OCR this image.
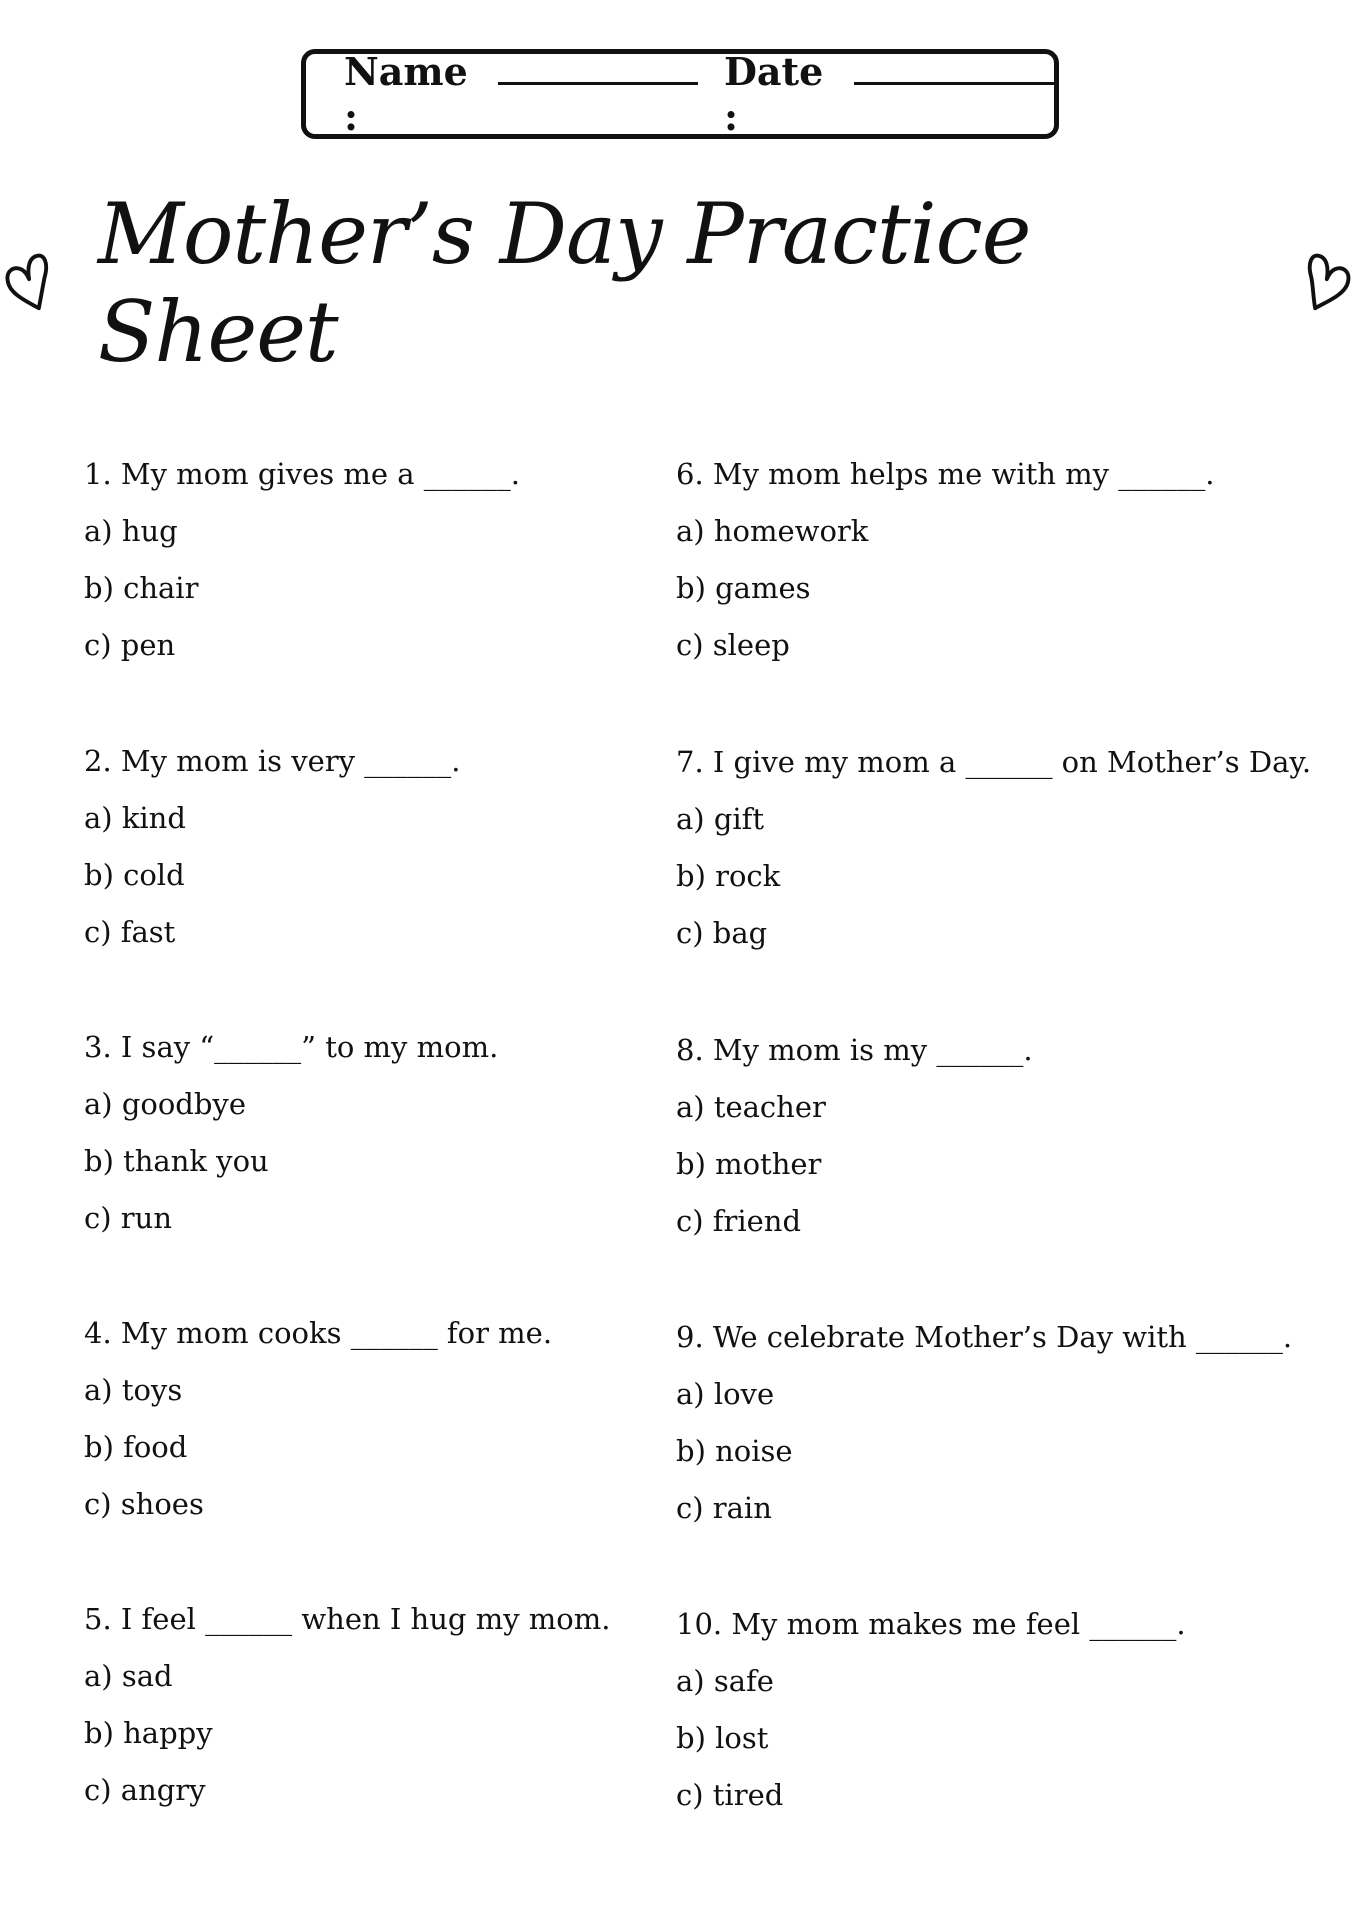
Name :
Date :
Mother’s Day Practice Sheet
1. My mom gives me a ______.
a) hug
b) chair
c) pen
2. My mom is very ______.
a) kind
b) cold
c) fast
3. I say “______” to my mom.
a) goodbye
b) thank you
c) run
4. My mom cooks ______ for me.
a) toys
b) food
c) shoes
5. I feel ______ when I hug my mom.
a) sad
b) happy
c) angry
6. My mom helps me with my ______.
a) homework
b) games
c) sleep
7. I give my mom a ______ on Mother’s Day.
a) gift
b) rock
c) bag
8. My mom is my ______.
a) teacher
b) mother
c) friend
9. We celebrate Mother’s Day with ______.
a) love
b) noise
c) rain
10. My mom makes me feel ______.
a) safe
b) lost
c) tired
